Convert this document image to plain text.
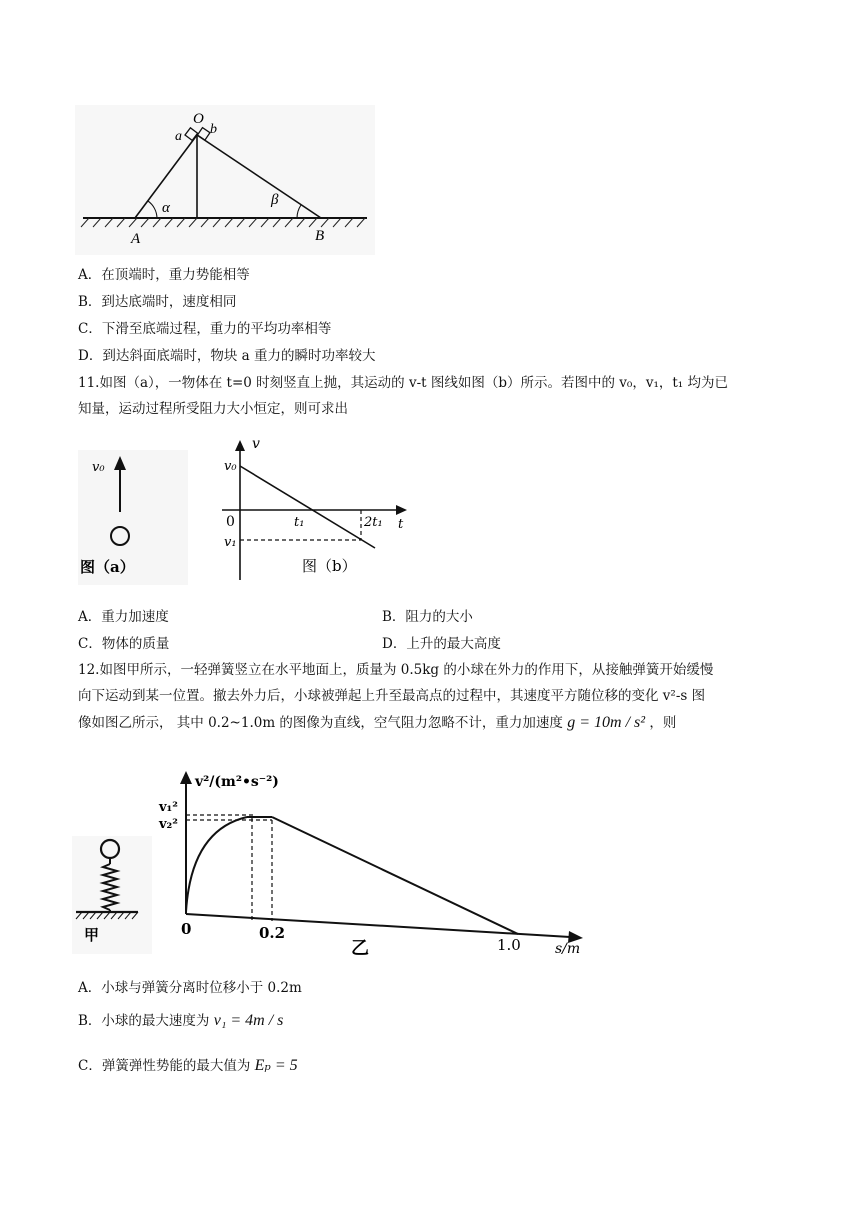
O
a b
α	β
A	B
A．在顶端时，重力势能相等
B．到达底端时，速度相同
C．下滑至底端过程，重力的平均功率相等
D．到达斜面底端时，物块 a 重力的瞬时功率较大
11.如图（a），一物体在 t=0 时刻竖直上抛，其运动的 v-t 图线如图（b）所示。若图中的 v₀，v₁，t₁ 均为已
知量，运动过程所受阻力大小恒定，则可求出
v₀
图（a）
v
v₀
0	t₁	2t₁ t
v₁
图（b）
A．重力加速度	B．阻力的大小
C．物体的质量	D．上升的最大高度
12.如图甲所示，一轻弹簧竖立在水平地面上，质量为 0.5kg 的小球在外力的作用下，从接触弹簧开始缓慢
向下运动到某一位置。撤去外力后，小球被弹起上升至最高点的过程中，其速度平方随位移的变化 v²-s 图
像如图乙所示， 其中 0.2~1.0m 的图像为直线，空气阻力忽略不计，重力加速度 g = 10m / s² ，则
甲
v²/(m²•s⁻²)
v₁²
v₂²
0	0.2
1.0 s/m
乙
A．小球与弹簧分离时位移小于 0.2m
B．小球的最大速度为 v₁ = 4m / s
C．弹簧弹性势能的最大值为 Eₚ = 5
